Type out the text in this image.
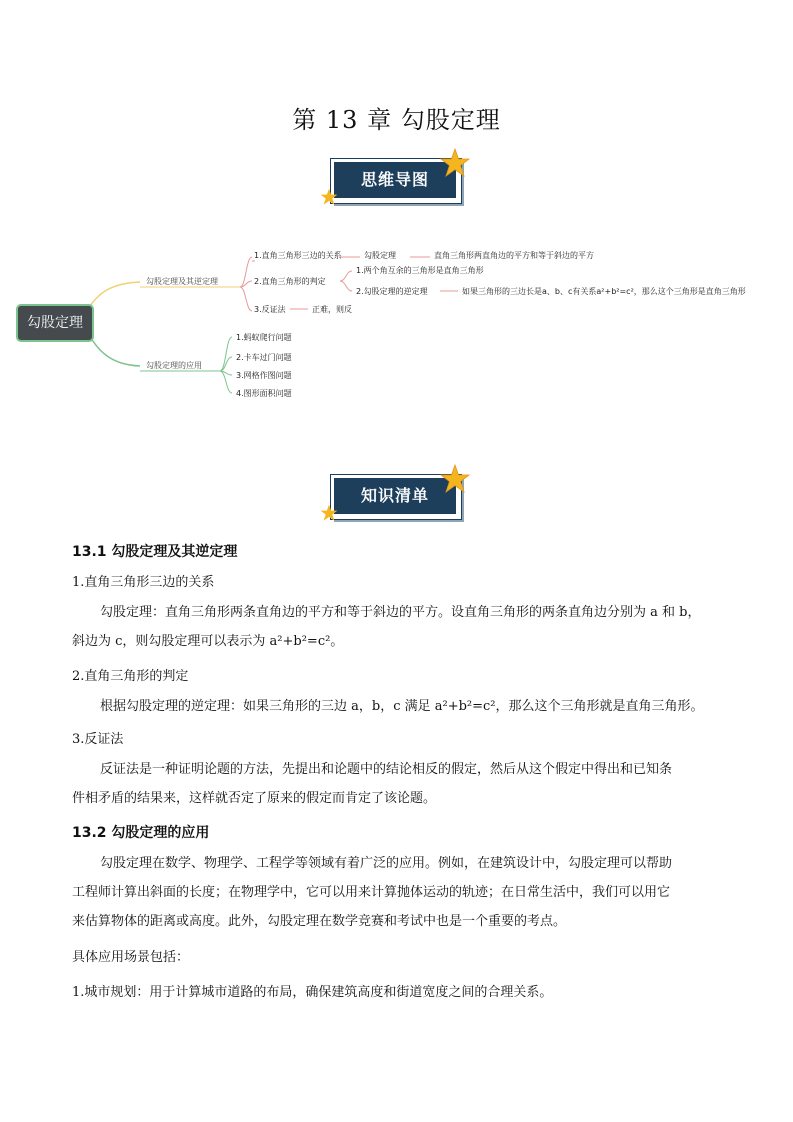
第 13 章 勾股定理
思维导图
勾股定理
勾股定理及其逆定理
勾股定理的应用
1.直角三角形三边的关系	勾股定理	直角三角形两直角边的平方和等于斜边的平方
2.直角三角形的判定
1.两个角互余的三角形是直角三角形
2.勾股定理的逆定理	如果三角形的三边长是a、b、c有关系a²+b²=c²，那么这个三角形是直角三角形
3.反证法	正难，则反
1.蚂蚁爬行问题
2.卡车过门问题
3.网格作图问题
4.图形面积问题
知识清单
13.1 勾股定理及其逆定理
1.直角三角形三边的关系
勾股定理：直角三角形两条直角边的平方和等于斜边的平方。设直角三角形的两条直角边分别为 a 和 b，
斜边为 c，则勾股定理可以表示为 a²+b²=c²。
2.直角三角形的判定
根据勾股定理的逆定理：如果三角形的三边 a，b，c 满足 a²+b²=c²，那么这个三角形就是直角三角形。
3.反证法
反证法是一种证明论题的方法，先提出和论题中的结论相反的假定，然后从这个假定中得出和已知条
件相矛盾的结果来，这样就否定了原来的假定而肯定了该论题。
13.2 勾股定理的应用
勾股定理在数学、物理学、工程学等领域有着广泛的应用。例如，在建筑设计中，勾股定理可以帮助
工程师计算出斜面的长度；在物理学中，它可以用来计算抛体运动的轨迹；在日常生活中，我们可以用它
来估算物体的距离或高度。此外，勾股定理在数学竞赛和考试中也是一个重要的考点。
具体应用场景包括：
1.城市规划：用于计算城市道路的布局，确保建筑高度和街道宽度之间的合理关系。
